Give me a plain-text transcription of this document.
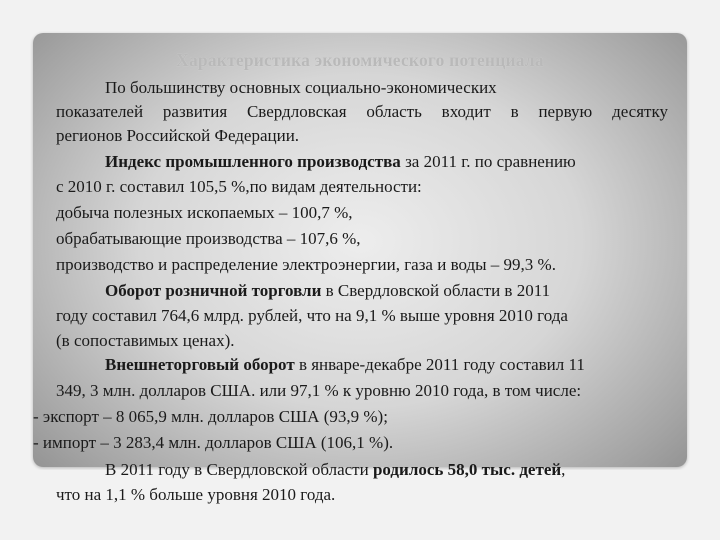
Характеристика экономического потенциала
По большинству основных социально-экономических
показателей развития Свердловская область входит в первую десятку
регионов Российской Федерации.
Индекс промышленного производства за 2011 г. по сравнению
с 2010 г. составил 105,5 %,по видам деятельности:
добыча полезных ископаемых – 100,7 %,
обрабатывающие производства – 107,6 %,
производство и распределение электроэнергии, газа и воды – 99,3 %.
Оборот розничной торговли в Свердловской области в 2011
году составил 764,6 млрд. рублей, что на 9,1 % выше уровня 2010 года
(в сопоставимых ценах).
Внешнеторговый оборот в январе-декабре 2011 году составил 11
349, 3 млн. долларов США. или 97,1 % к уровню 2010 года, в том числе:
- экспорт – 8 065,9 млн. долларов США (93,9 %);
- импорт – 3 283,4 млн. долларов США (106,1 %).
В 2011 году в Свердловской области родилось 58,0 тыс. детей,
что на 1,1 % больше уровня 2010 года.
